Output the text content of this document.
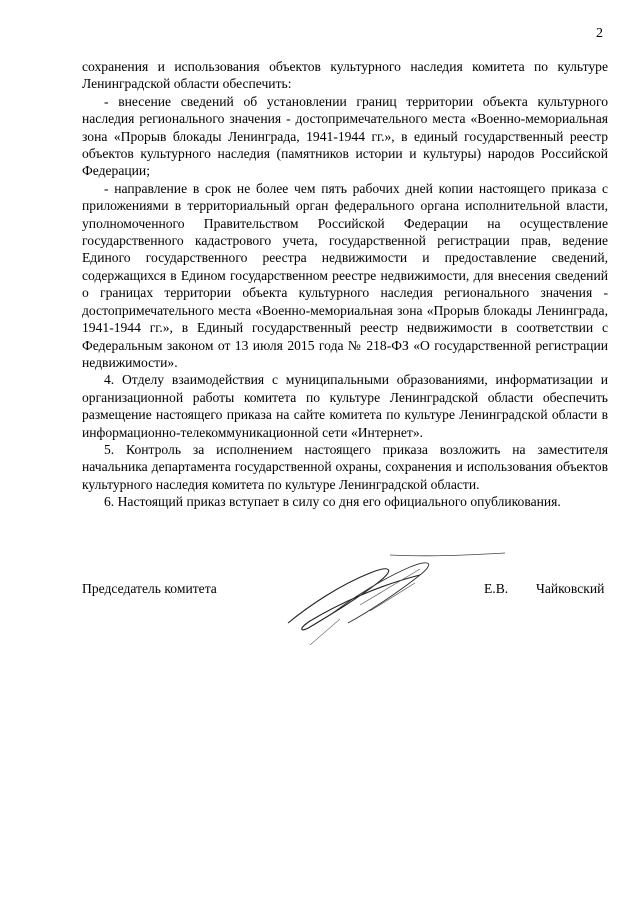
2

сохранения и использования объектов культурного наследия комитета по культуре Ленинградской области обеспечить:

- внесение сведений об установлении границ территории объекта культурного наследия регионального значения - достопримечательного места «Военно-мемориальная зона «Прорыв блокады Ленинграда, 1941-1944 гг.», в единый государственный реестр объектов культурного наследия (памятников истории и культуры) народов Российской Федерации;

- направление в срок не более чем пять рабочих дней копии настоящего приказа с приложениями в территориальный орган федерального органа исполнительной власти, уполномоченного Правительством Российской Федерации на осуществление государственного кадастрового учета, государственной регистрации прав, ведение Единого государственного реестра недвижимости и предоставление сведений, содержащихся в Едином государственном реестре недвижимости, для внесения сведений о границах территории объекта культурного наследия регионального значения - достопримечательного места «Военно-мемориальная зона «Прорыв блокады Ленинграда, 1941-1944 гг.», в Единый государственный реестр недвижимости в соответствии с Федеральным законом от 13 июля 2015 года № 218-ФЗ «О государственной регистрации недвижимости».

4. Отделу взаимодействия с муниципальными образованиями, информатизации и организационной работы комитета по культуре Ленинградской области обеспечить размещение настоящего приказа на сайте комитета по культуре Ленинградской области в информационно-телекоммуникационной сети «Интернет».

5. Контроль за исполнением настоящего приказа возложить на заместителя начальника департамента государственной охраны, сохранения и использования объектов культурного наследия комитета по культуре Ленинградской области.

6. Настоящий приказ вступает в силу со дня его официального опубликования.

Председатель комитета	Е.В. Чайковский
